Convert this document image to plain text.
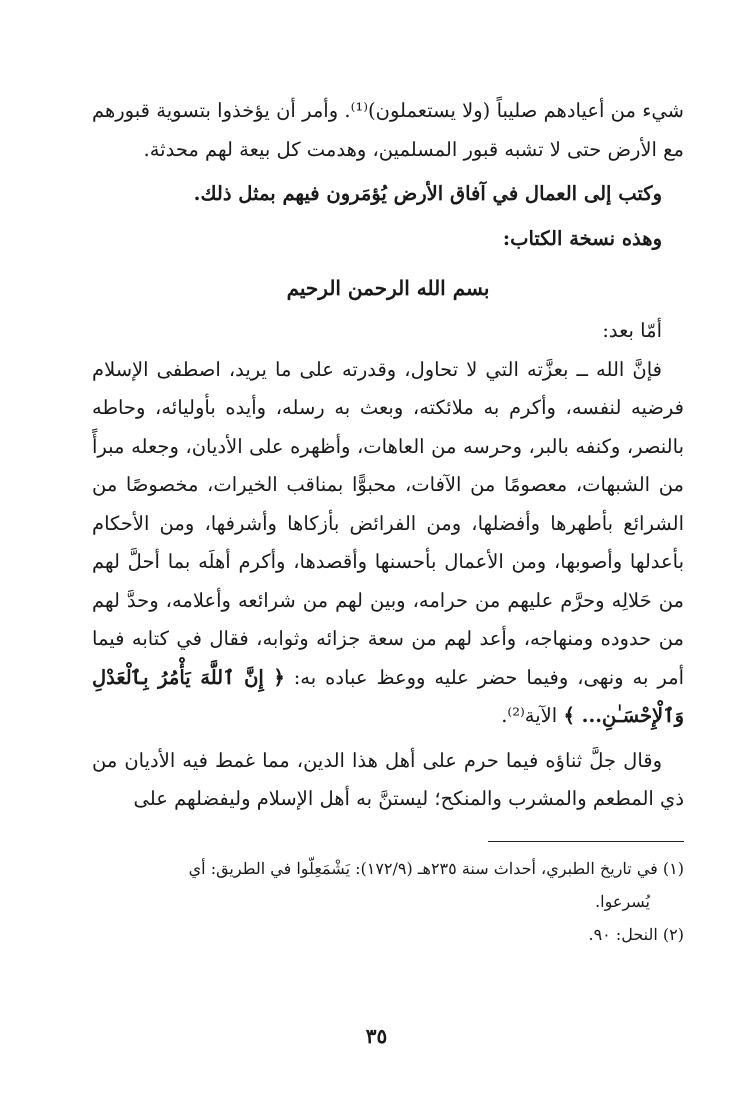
شيء من أعيادهم صليباً (ولا يستعملون)⁽¹⁾. وأمر أن يؤخذوا بتسوية قبورهم مع الأرض حتى لا تشبه قبور المسلمين، وهدمت كل بيعة لهم محدثة.

وكتب إلى العمال في آفاق الأرض يُؤمَرون فيهم بمثل ذلك.

وهذه نسخة الكتاب:

بسم الله الرحمن الرحيم

أمّا بعد:

فإنَّ الله ــ بعزَّته التي لا تحاول، وقدرته على ما يريد، اصطفى الإسلام فرضيه لنفسه، وأكرم به ملائكته، وبعث به رسله، وأيده بأوليائه، وحاطه بالنصر، وكنفه بالبر، وحرسه من العاهات، وأظهره على الأديان، وجعله مبرأً من الشبهات، معصومًا من الآفات، محبوًّا بمناقب الخيرات، مخصوصًا من الشرائع بأطهرها وأفضلها، ومن الفرائض بأزكاها وأشرفها، ومن الأحكام بأعدلها وأصوبها، ومن الأعمال بأحسنها وأقصدها، وأكرم أهلَه بما أحلَّ لهم من حَلالِه وحرَّم عليهم من حرامه، وبين لهم من شرائعه وأعلامه، وحدَّ لهم من حدوده ومنهاجه، وأعد لهم من سعة جزائه وثوابه، فقال في كتابه فيما أمر به ونهى، وفيما حضر عليه ووعظ عباده به: ﴿ إِنَّ ٱللَّهَ يَأْمُرُ بِٱلْعَدْلِ وَٱلْإِحْسَـٰنِ... ﴾ الآية⁽²⁾.

وقال جلَّ ثناؤه فيما حرم على أهل هذا الدين، مما غمط فيه الأديان من ذي المطعم والمشرب والمنكح؛ ليستنَّ به أهل الإسلام وليفضلهم على

(١) في تاريخ الطبري، أحداث سنة ٢٣٥هـ (١٧٢/٩): يَشْمَعِلّوا في الطريق: أي
يُسرعوا.

(٢) النحل: ٩٠.

٣٥
